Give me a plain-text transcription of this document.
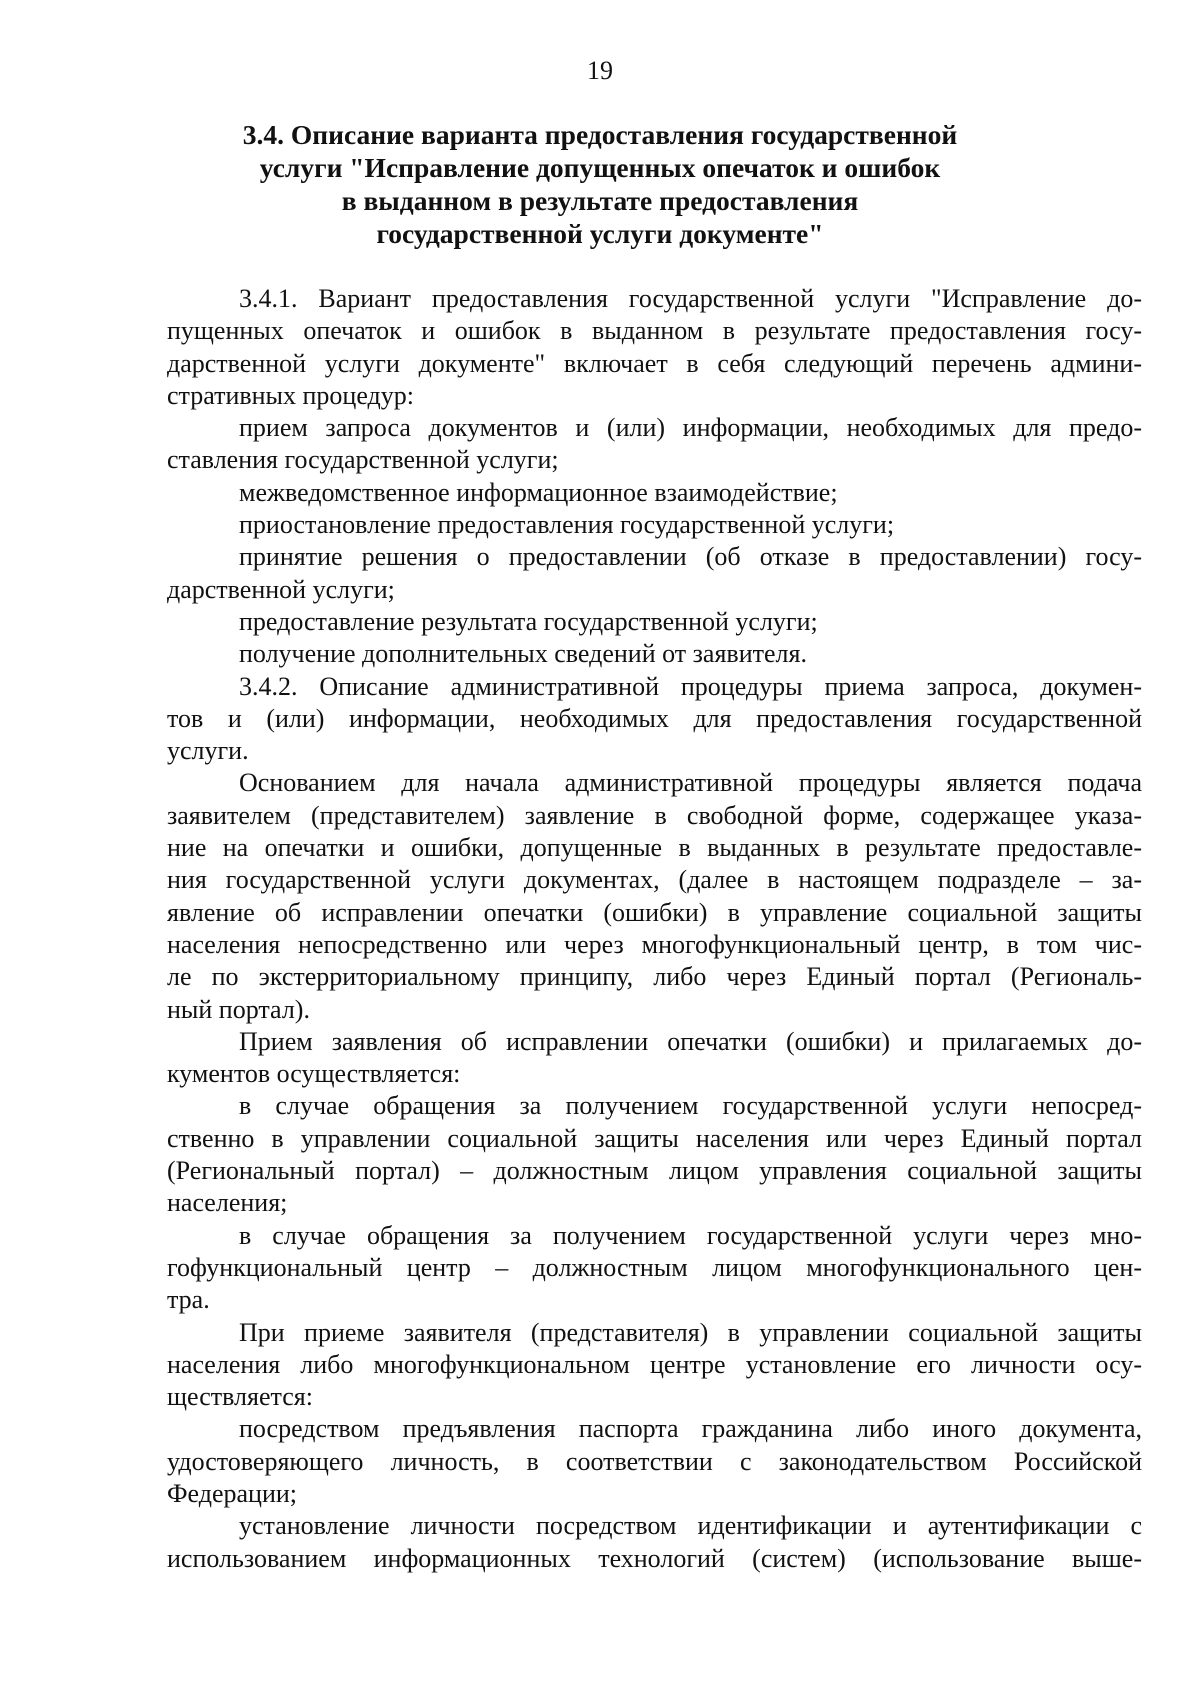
19
3.4. Описание варианта предоставления государственной
услуги "Исправление допущенных опечаток и ошибок
в выданном в результате предоставления
государственной услуги документе"
3.4.1. Вариант предоставления государственной услуги "Исправление до-
пущенных опечаток и ошибок в выданном в результате предоставления госу-
дарственной услуги документе" включает в себя следующий перечень админи-
стративных процедур:
прием запроса документов и (или) информации, необходимых для предо-
ставления государственной услуги;
межведомственное информационное взаимодействие;
приостановление предоставления государственной услуги;
принятие решения о предоставлении (об отказе в предоставлении) госу-
дарственной услуги;
предоставление результата государственной услуги;
получение дополнительных сведений от заявителя.
3.4.2. Описание административной процедуры приема запроса, докумен-
тов и (или) информации, необходимых для предоставления государственной
услуги.
Основанием для начала административной процедуры является подача
заявителем (представителем) заявление в свободной форме, содержащее указа-
ние на опечатки и ошибки, допущенные в выданных в результате предоставле-
ния государственной услуги документах, (далее в настоящем подразделе – за-
явление об исправлении опечатки (ошибки) в управление социальной защиты
населения непосредственно или через многофункциональный центр, в том чис-
ле по экстерриториальному принципу, либо через Единый портал (Региональ-
ный портал).
Прием заявления об исправлении опечатки (ошибки) и прилагаемых до-
кументов осуществляется:
в случае обращения за получением государственной услуги непосред-
ственно в управлении социальной защиты населения или через Единый портал
(Региональный портал) – должностным лицом управления социальной защиты
населения;
в случае обращения за получением государственной услуги через мно-
гофункциональный центр – должностным лицом многофункционального цен-
тра.
При приеме заявителя (представителя) в управлении социальной защиты
населения либо многофункциональном центре установление его личности осу-
ществляется:
посредством предъявления паспорта гражданина либо иного документа,
удостоверяющего личность, в соответствии с законодательством Российской
Федерации;
установление личности посредством идентификации и аутентификации с
использованием информационных технологий (систем) (использование выше-
